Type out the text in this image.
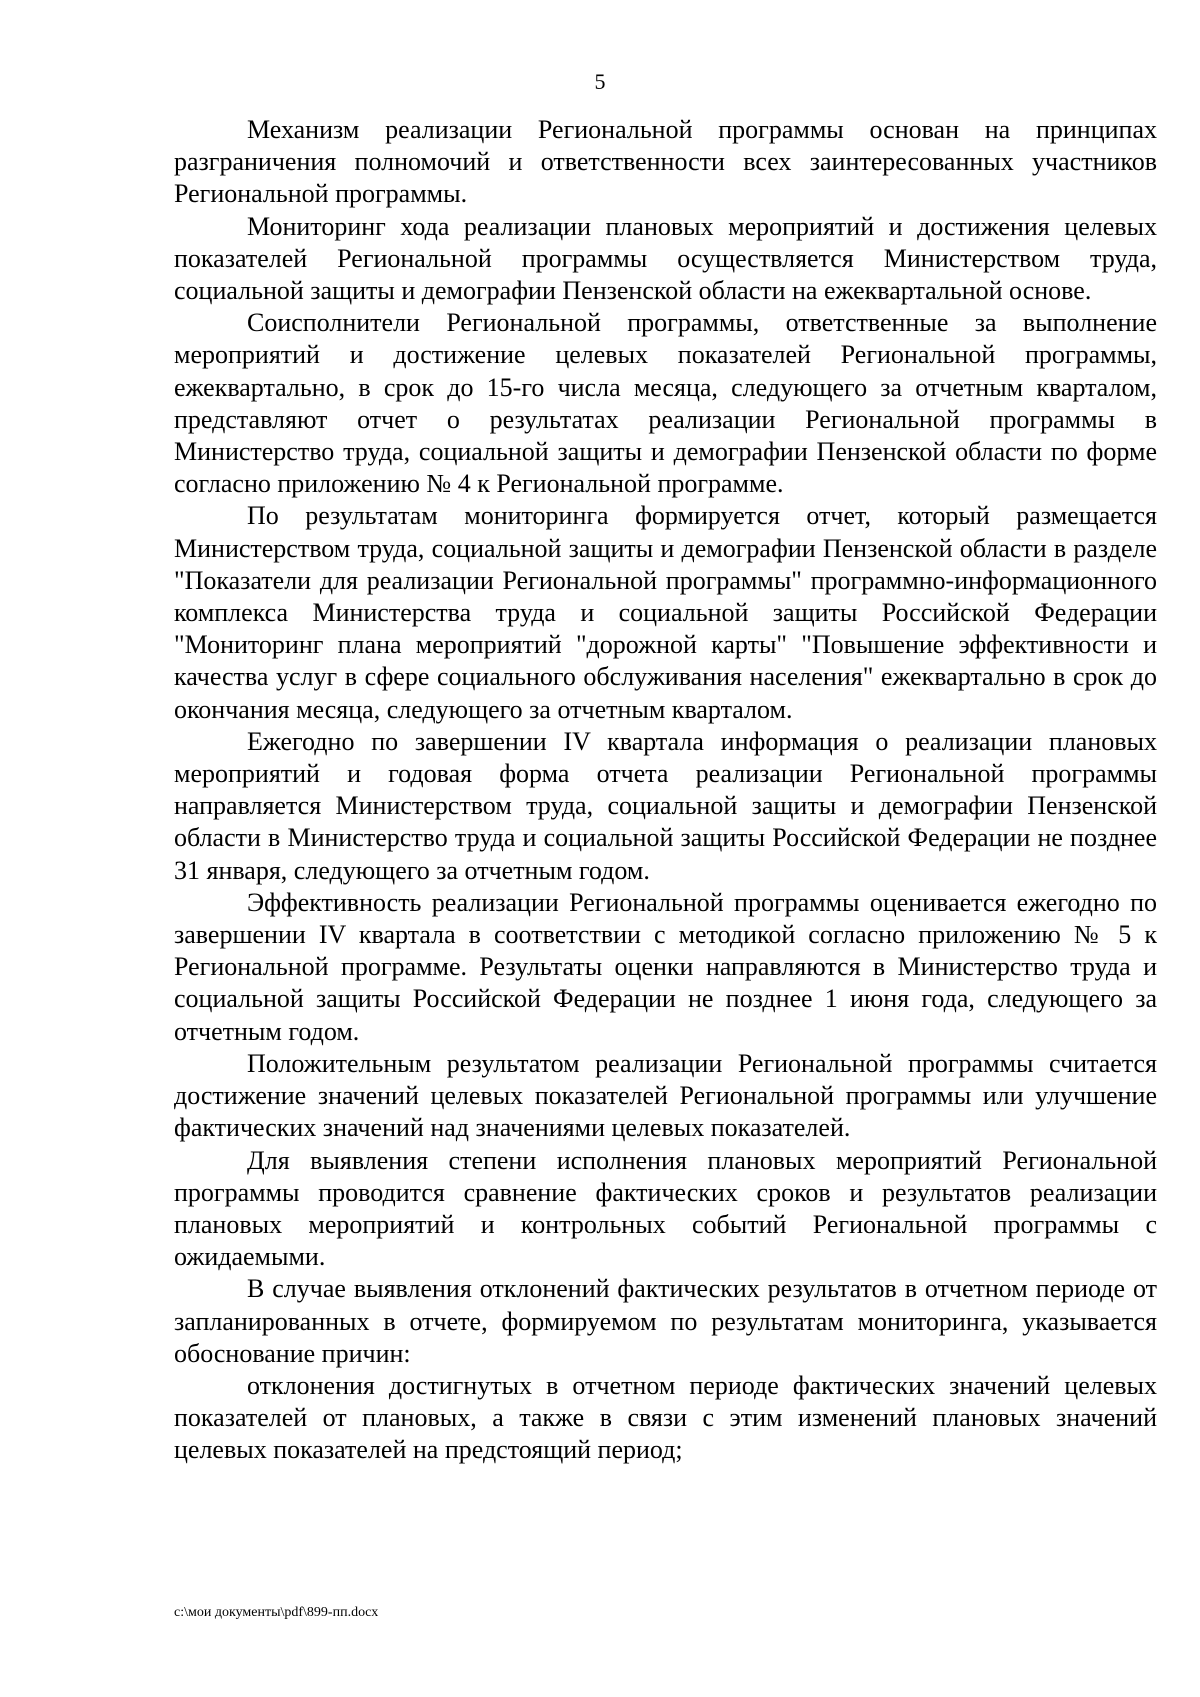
5

Механизм реализации Региональной программы основан на принципах разграничения полномочий и ответственности всех заинтересованных участников Региональной программы.

Мониторинг хода реализации плановых мероприятий и достижения целевых показателей Региональной программы осуществляется Министерством труда, социальной защиты и демографии Пензенской области на ежеквартальной основе.

Соисполнители Региональной программы, ответственные за выполнение мероприятий и достижение целевых показателей Региональной программы, ежеквартально, в срок до 15-го числа месяца, следующего за отчетным кварталом, представляют отчет о результатах реализации Региональной программы в Министерство труда, социальной защиты и демографии Пензенской области по форме согласно приложению № 4 к Региональной программе.

По результатам мониторинга формируется отчет, который размещается Министерством труда, социальной защиты и демографии Пензенской области в разделе "Показатели для реализации Региональной программы" программно-информационного комплекса Министерства труда и социальной защиты Российской Федерации "Мониторинг плана мероприятий "дорожной карты" "Повышение эффективности и качества услуг в сфере социального обслуживания населения" ежеквартально в срок до окончания месяца, следующего за отчетным кварталом.

Ежегодно по завершении IV квартала информация о реализации плановых мероприятий и годовая форма отчета реализации Региональной программы направляется Министерством труда, социальной защиты и демографии Пензенской области в Министерство труда и социальной защиты Российской Федерации не позднее 31 января, следующего за отчетным годом.

Эффективность реализации Региональной программы оценивается ежегодно по завершении IV квартала в соответствии с методикой согласно приложению № 5 к Региональной программе. Результаты оценки направляются в Министерство труда и социальной защиты Российской Федерации не позднее 1 июня года, следующего за отчетным годом.

Положительным результатом реализации Региональной программы считается достижение значений целевых показателей Региональной программы или улучшение фактических значений над значениями целевых показателей.

Для выявления степени исполнения плановых мероприятий Региональной программы проводится сравнение фактических сроков и результатов реализации плановых мероприятий и контрольных событий Региональной программы с ожидаемыми.

В случае выявления отклонений фактических результатов в отчетном периоде от запланированных в отчете, формируемом по результатам мониторинга, указывается обоснование причин:

отклонения достигнутых в отчетном периоде фактических значений целевых показателей от плановых, а также в связи с этим изменений плановых значений целевых показателей на предстоящий период;

c:\мои документы\pdf\899-пп.docx
